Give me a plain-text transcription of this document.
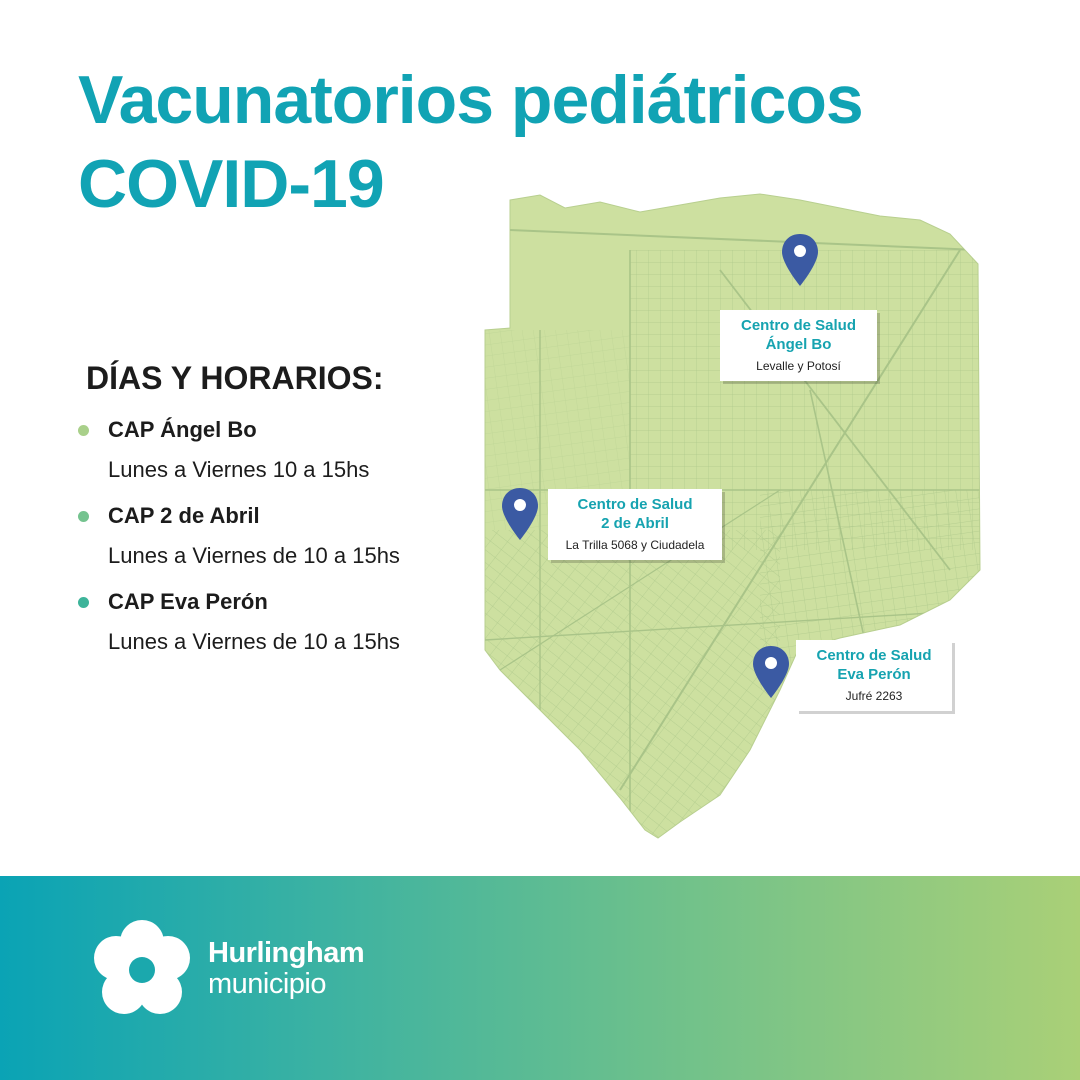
Vacunatorios pediátricos
COVID-19
DÍAS Y HORARIOS:
CAP Ángel Bo
Lunes a Viernes 10 a 15hs
CAP 2 de Abril
Lunes a Viernes de 10 a 15hs
CAP Eva Perón
Lunes a Viernes de 10 a 15hs
Centro de Salud
Ángel Bo
Levalle y Potosí
Centro de Salud
2 de Abril
La Trilla 5068 y Ciudadela
Centro de Salud
Eva Perón
Jufré 2263
Hurlingham
municipio
